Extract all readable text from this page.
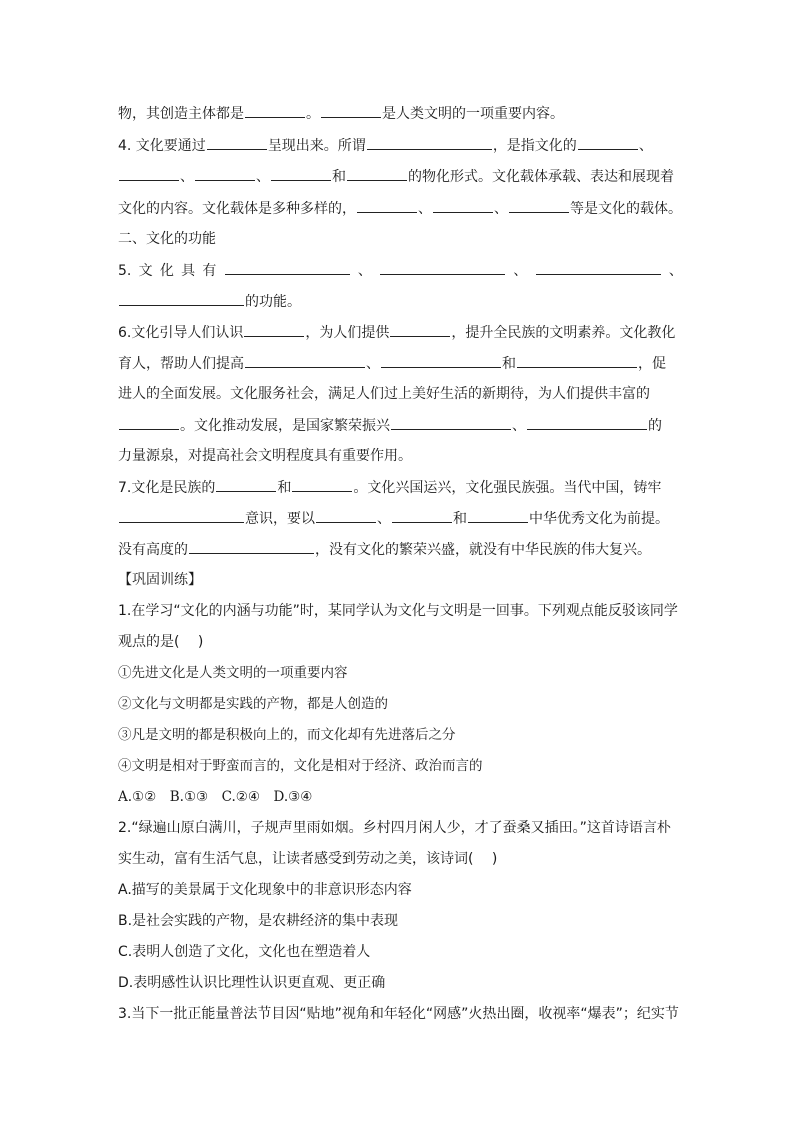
物，其创造主体都是	。	是人类文明的一项重要内容。
4. 文化要通过	呈现出来。所谓	，是指文化的	、
、	、	和	的物化形式。文化载体承载、表达和展现着
文化的内容。文化载体是多种多样的，	、	、	等是文化的载体。
二、文化的功能
5. 文 化 具 有	、	、	、
的功能。
6.文化引导人们认识	，为人们提供	，提升全民族的文明素养。文化教化
育人，帮助人们提高	、	和	，促
进人的全面发展。文化服务社会，满足人们过上美好生活的新期待，为人们提供丰富的
。文化推动发展，是国家繁荣振兴	、	的
力量源泉，对提高社会文明程度具有重要作用。
7.文化是民族的	和	。文化兴国运兴，文化强民族强。当代中国，铸牢
意识，要以	、	和	中华优秀文化为前提。
没有高度的	，没有文化的繁荣兴盛，就没有中华民族的伟大复兴。
【巩固训练】
1.在学习“文化的内涵与功能”时，某同学认为文化与文明是一回事。下列观点能反驳该同学
观点的是(　 )
①先进文化是人类文明的一项重要内容
②文化与文明都是实践的产物，都是人创造的
③凡是文明的都是积极向上的，而文化却有先进落后之分
④文明是相对于野蛮而言的，文化是相对于经济、政治而言的
A.①②　B.①③　C.②④　D.③④
2.“绿遍山原白满川，子规声里雨如烟。乡村四月闲人少，才了蚕桑又插田。”这首诗语言朴
实生动，富有生活气息，让读者感受到劳动之美，该诗词(　 )
A.描写的美景属于文化现象中的非意识形态内容
B.是社会实践的产物，是农耕经济的集中表现
C.表明人创造了文化，文化也在塑造着人
D.表明感性认识比理性认识更直观、更正确
3.当下一批正能量普法节目因“贴地”视角和年轻化“网感”火热出圈，收视率“爆表”；纪实节
